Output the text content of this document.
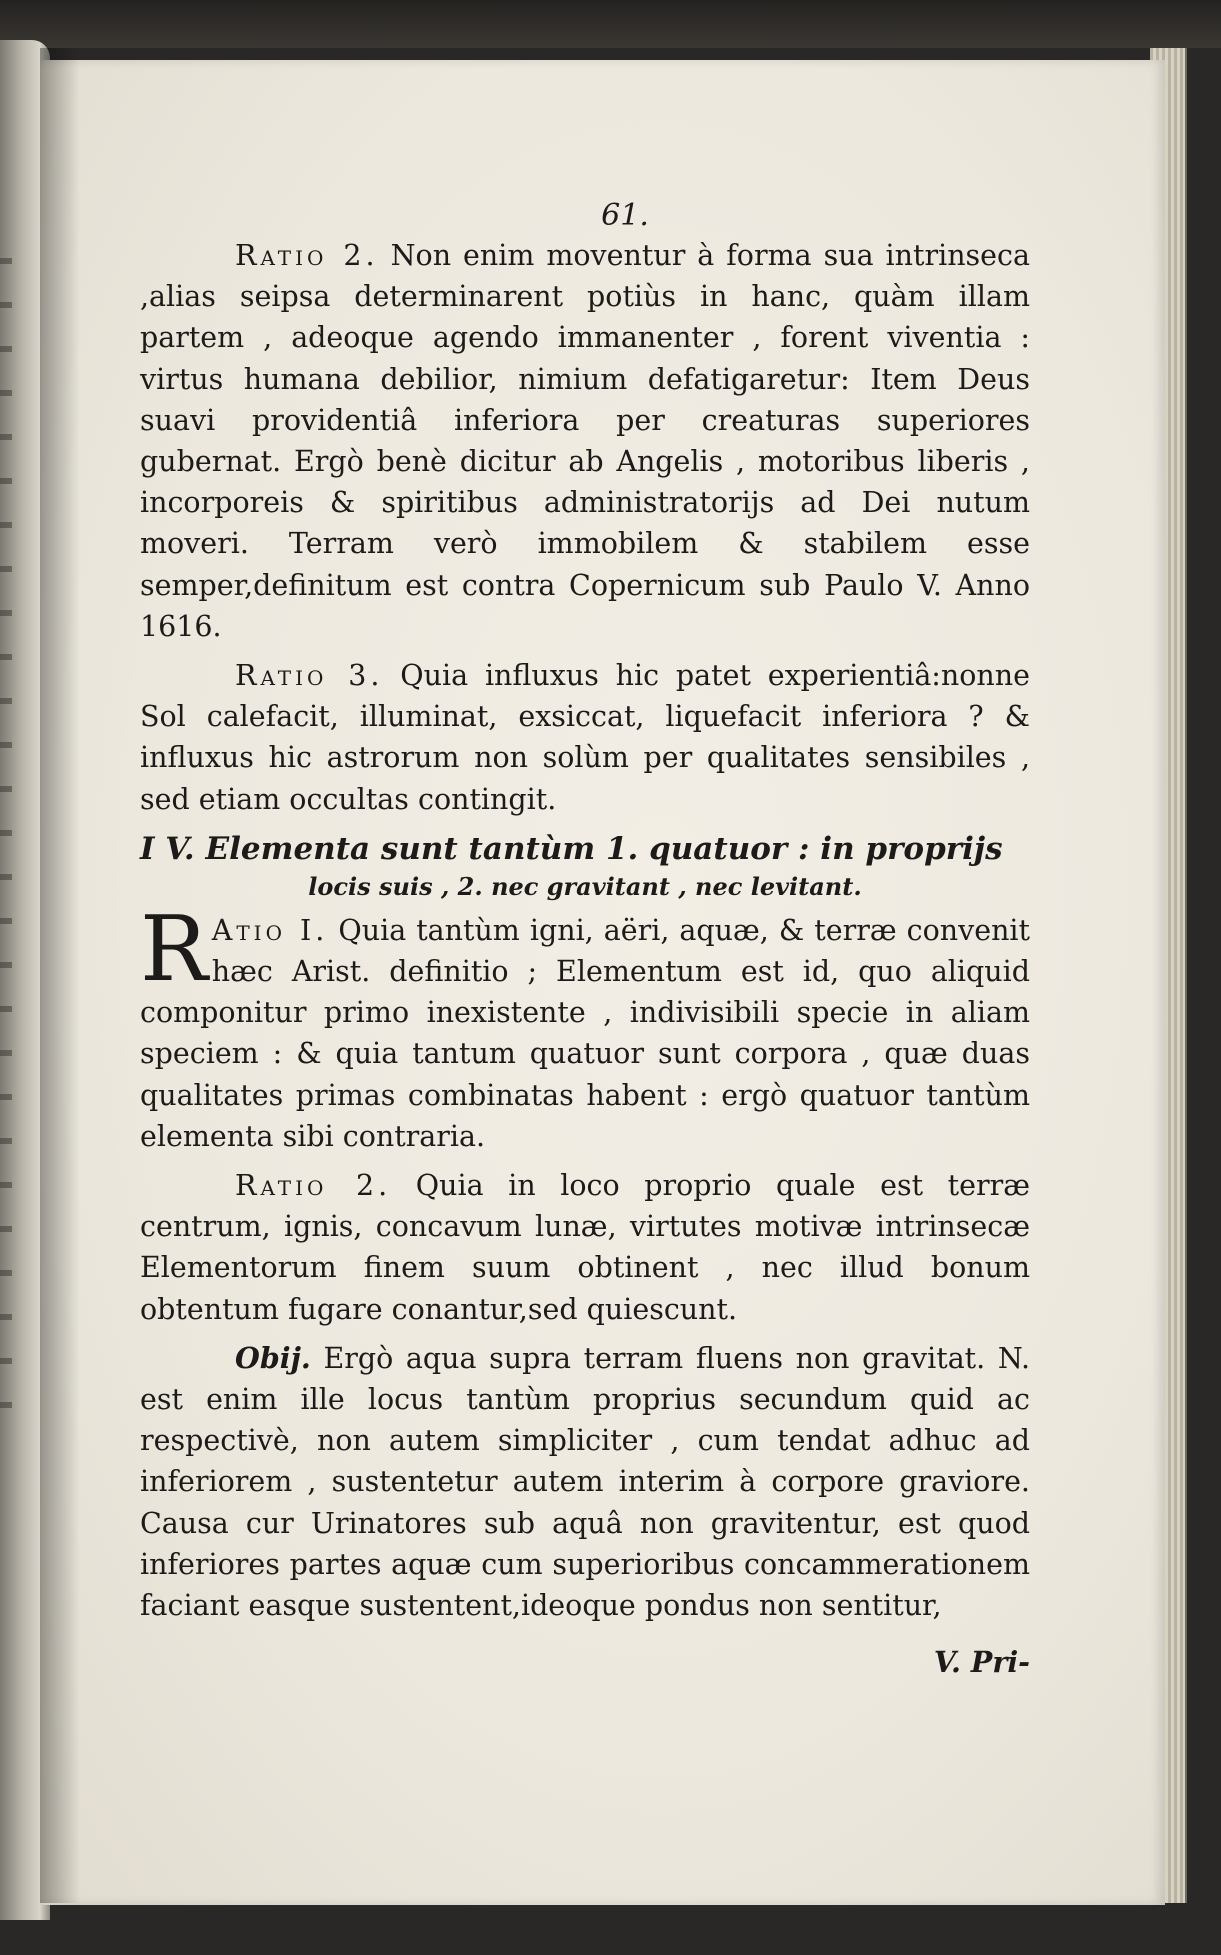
61.

Ratio 2. Non enim moventur à forma sua intrinseca ,alias seipsa determinarent potiùs in hanc, quàm illam partem , adeoque agendo immanenter , forent viventia : virtus humana debilior, nimium defatigaretur: Item Deus suavi providentiâ inferiora per creaturas superiores gubernat. Ergò benè dicitur ab Angelis , motoribus liberis , incorporeis & spiritibus administratorijs ad Dei nutum moveri. Terram verò immobilem & stabilem esse semper,definitum est contra Copernicum sub Paulo V. Anno 1616.

Ratio 3. Quia influxus hic patet experientiâ:nonne Sol calefacit, illuminat, exsiccat, liquefacit inferiora ? & influxus hic astrorum non solùm per qualitates sensibiles , sed etiam occultas contingit.

I V. Elementa sunt tantùm 1. quatuor : in proprijs
locis suis , 2. nec gravitant , nec levitant.

R Atio I. Quia tantùm igni, aëri, aquæ, & terræ convenit hæc Arist. definitio ; Elementum est id, quo aliquid componitur primo inexistente , indivisibili specie in aliam speciem : & quia tantum quatuor sunt corpora , quæ duas qualitates primas combinatas habent : ergò quatuor tantùm elementa sibi contraria.

Ratio 2. Quia in loco proprio quale est terræ centrum, ignis, concavum lunæ, virtutes motivæ intrinsecæ Elementorum finem suum obtinent , nec illud bonum obtentum fugare conantur,sed quiescunt.

Obij. Ergò aqua supra terram fluens non gravitat. N. est enim ille locus tantùm proprius secundum quid ac respectivè, non autem simpliciter , cum tendat adhuc ad inferiorem , sustentetur autem interim à corpore graviore. Causa cur Urinatores sub aquâ non gravitentur, est quod inferiores partes aquæ cum superioribus concammerationem faciant easque sustentent,ideoque pondus non sentitur,

V. Pri-
